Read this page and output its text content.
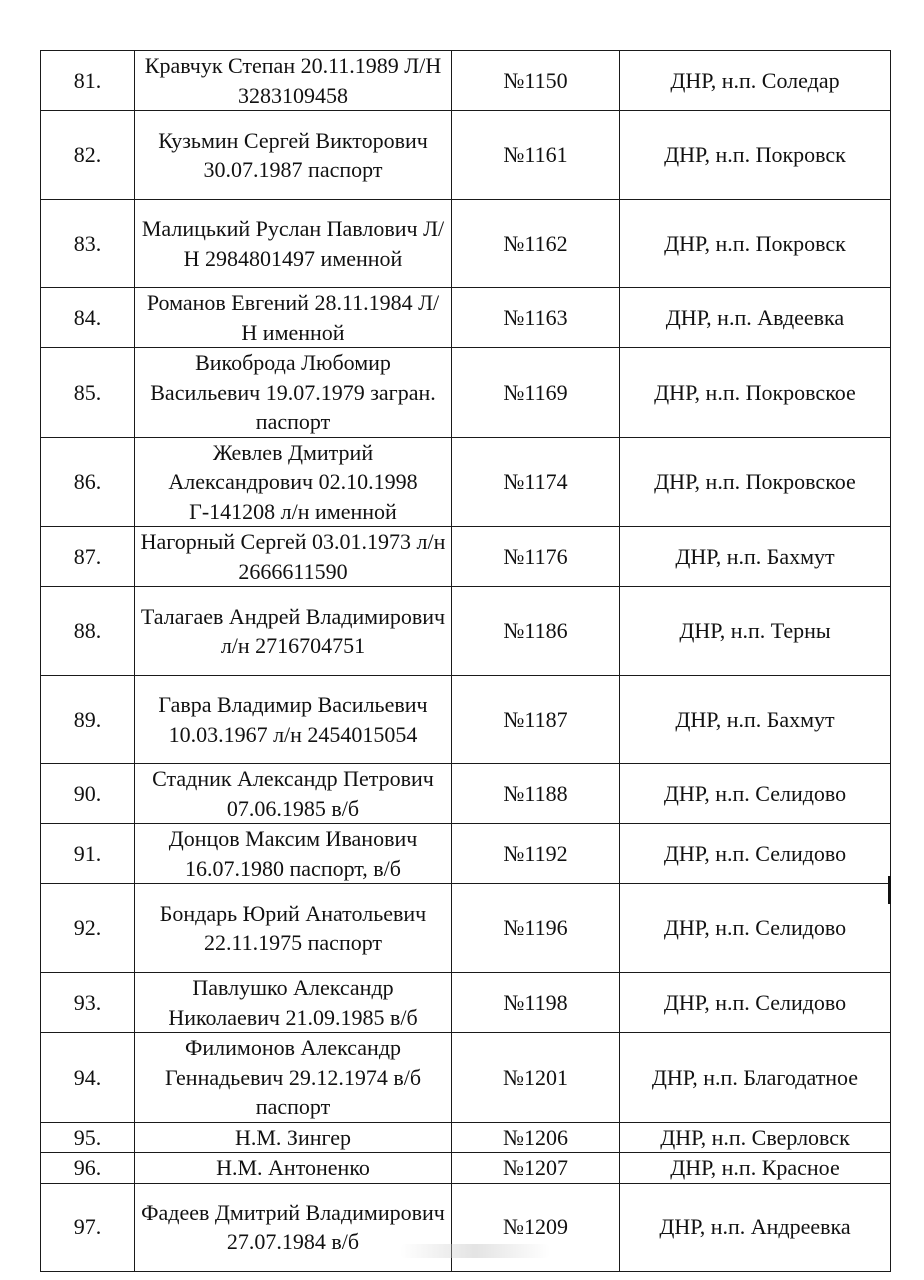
81.	Кравчук Степан 20.11.1989 Л/Н 3283109458	№1150	ДНР, н.п. Соледар
82.	Кузьмин Сергей Викторович 30.07.1987 паспорт	№1161	ДНР, н.п. Покровск
83.	Малицький Руслан Павлович Л/Н 2984801497 именной	№1162	ДНР, н.п. Покровск
84.	Романов Евгений 28.11.1984 Л/Н именной	№1163	ДНР, н.п. Авдеевка
85.	Викоброда Любомир Васильевич 19.07.1979 загран. паспорт	№1169	ДНР, н.п. Покровское
86.	Жевлев Дмитрий Александрович 02.10.1998 Г-141208 л/н именной	№1174	ДНР, н.п. Покровское
87.	Нагорный Сергей 03.01.1973 л/н 2666611590	№1176	ДНР, н.п. Бахмут
88.	Талагаев Андрей Владимирович л/н 2716704751	№1186	ДНР, н.п. Терны
89.	Гавра Владимир Васильевич 10.03.1967 л/н 2454015054	№1187	ДНР, н.п. Бахмут
90.	Стадник Александр Петрович 07.06.1985 в/б	№1188	ДНР, н.п. Селидово
91.	Донцов Максим Иванович 16.07.1980 паспорт, в/б	№1192	ДНР, н.п. Селидово
92.	Бондарь Юрий Анатольевич 22.11.1975 паспорт	№1196	ДНР, н.п. Селидово
93.	Павлушко Александр Николаевич 21.09.1985 в/б	№1198	ДНР, н.п. Селидово
94.	Филимонов Александр Геннадьевич 29.12.1974 в/б паспорт	№1201	ДНР, н.п. Благодатное
95.	Н.М. Зингер	№1206	ДНР, н.п. Сверловск
96.	Н.М. Антоненко	№1207	ДНР, н.п. Красное
97.	Фадеев Дмитрий Владимирович 27.07.1984 в/б	№1209	ДНР, н.п. Андреевка
